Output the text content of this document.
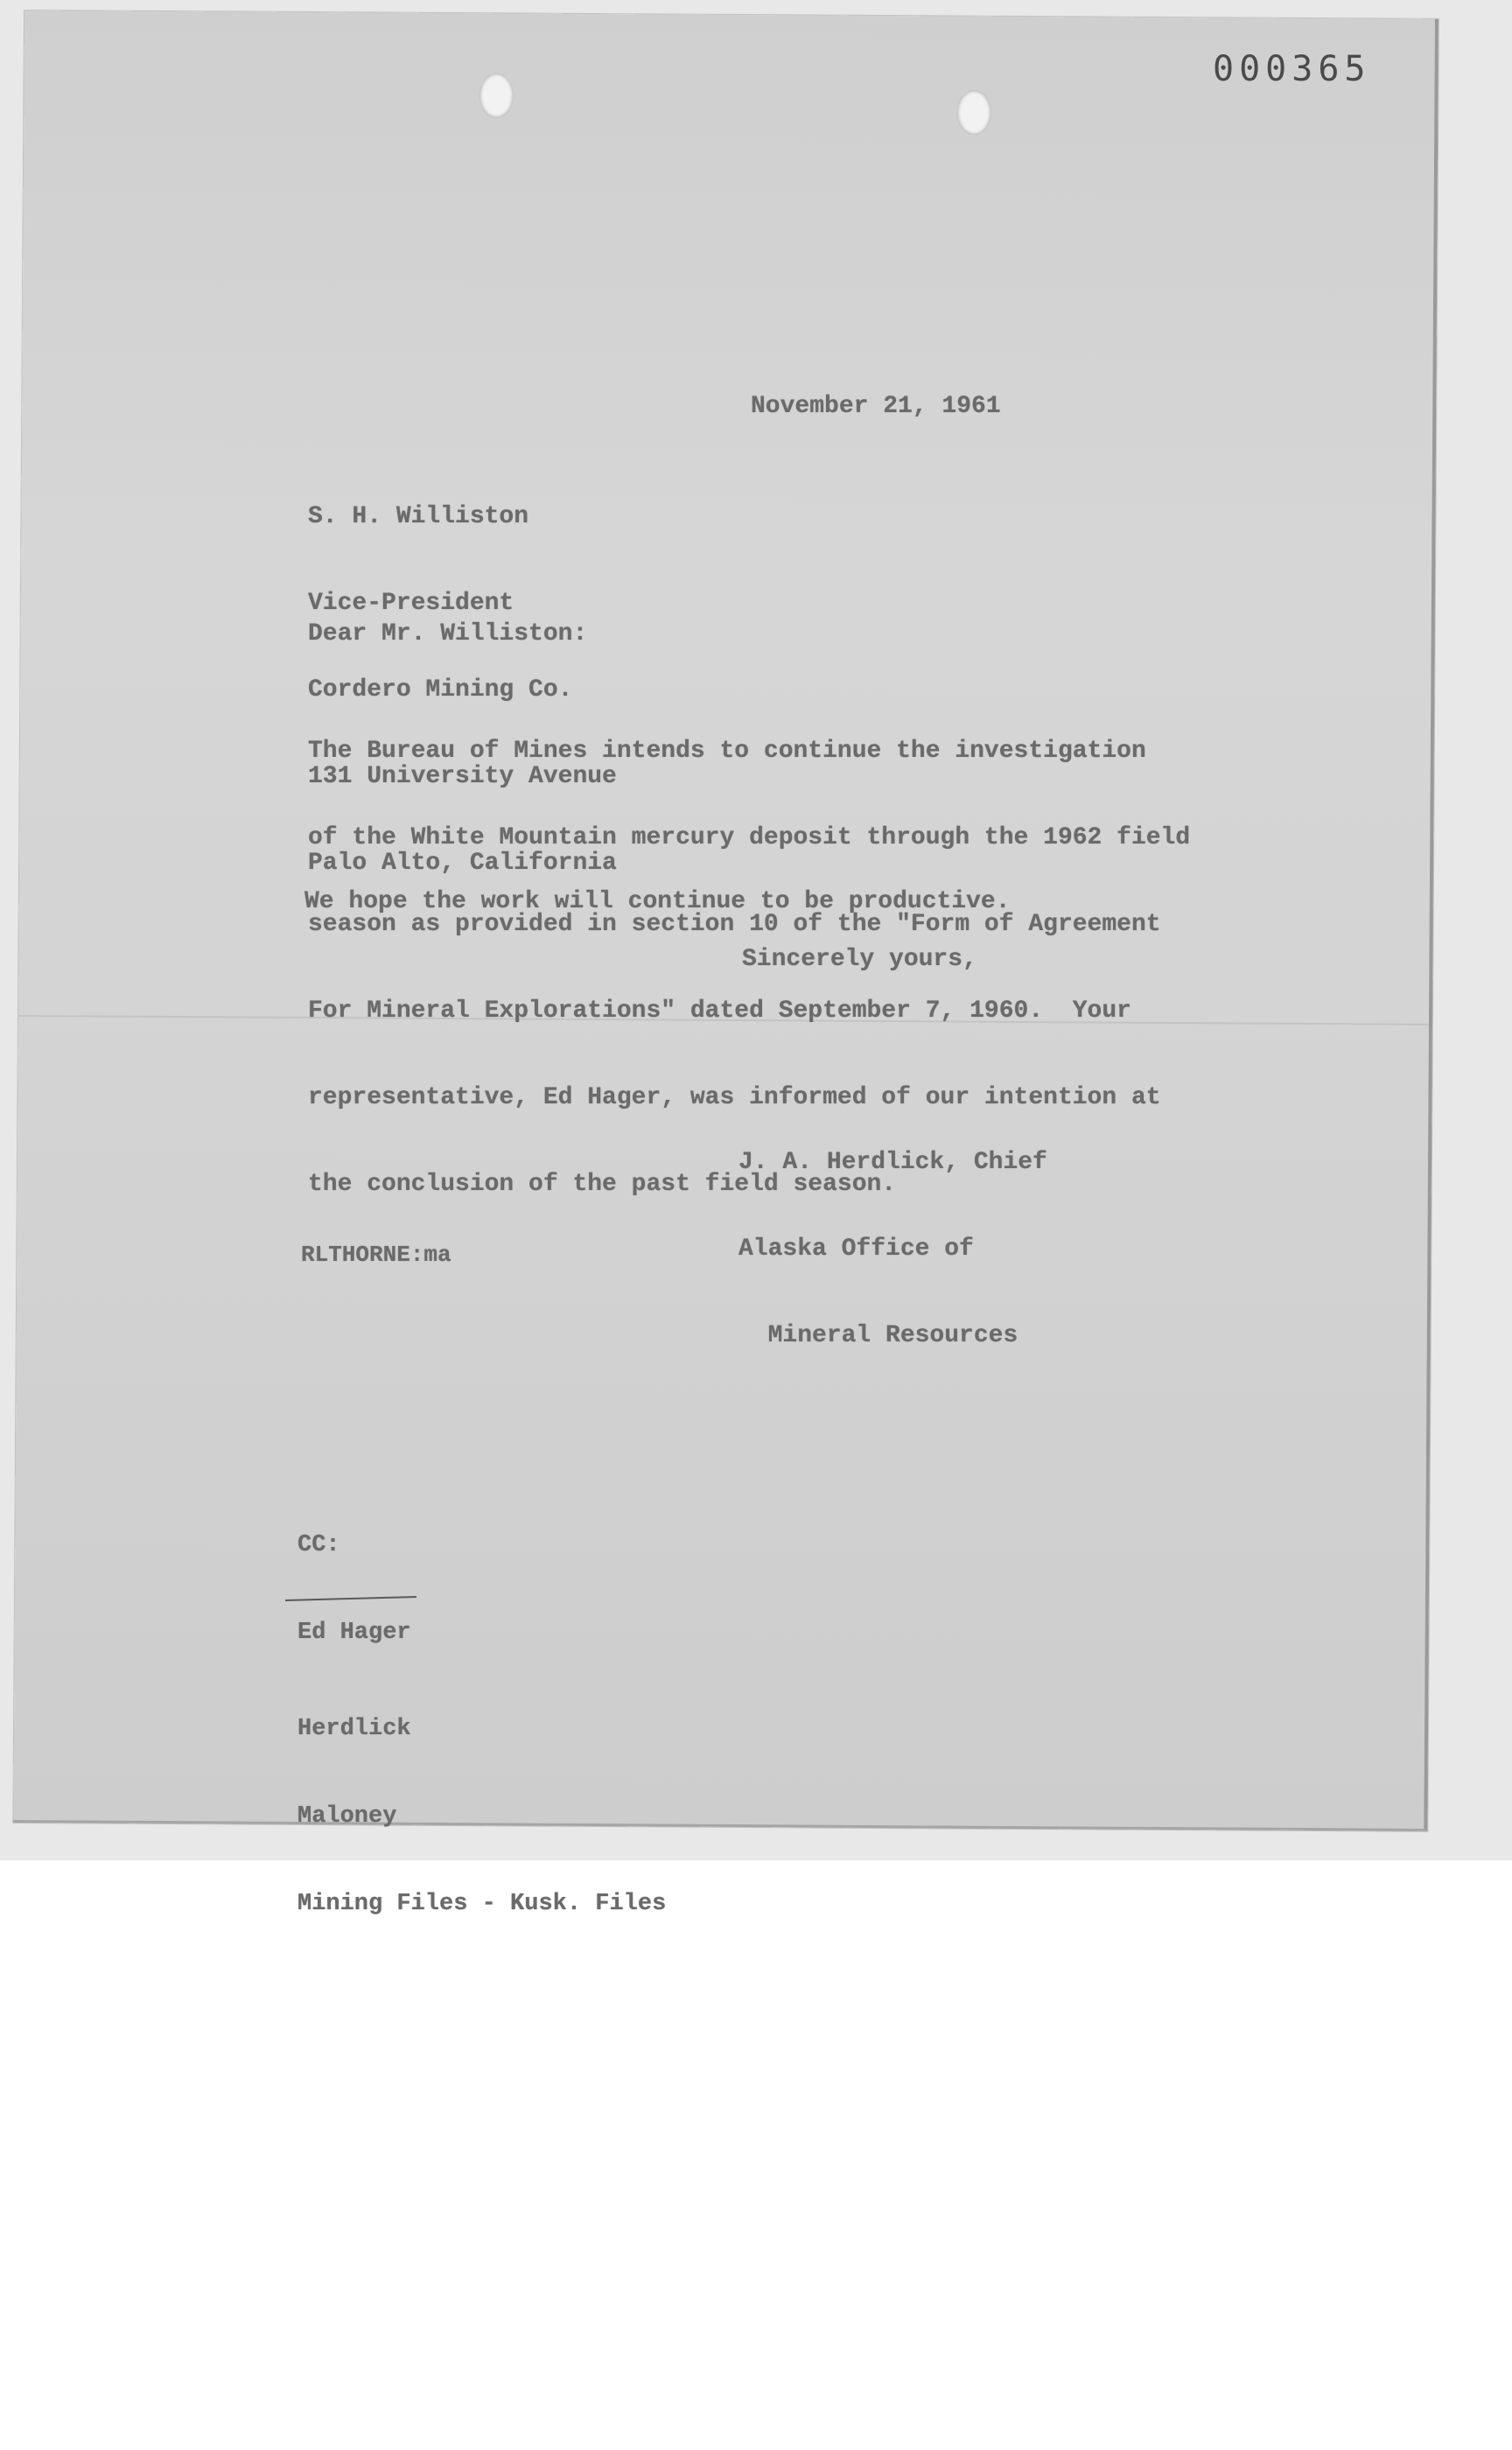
000365
November 21, 1961

S. H. Williston

Vice-President

Cordero Mining Co.

131 University Avenue

Palo Alto, California

Dear Mr. Williston:

The Bureau of Mines intends to continue the investigation

of the White Mountain mercury deposit through the 1962 field

season as provided in section 10 of the "Form of Agreement

For Mineral Explorations" dated September 7, 1960.  Your

representative, Ed Hager, was informed of our intention at

the conclusion of the past field season.

We hope the work will continue to be productive.
Sincerely yours,

J. A. Herdlick, Chief

Alaska Office of

Mineral Resources

RLTHORNE:ma

CC:

Ed Hager

Herdlick

Maloney

Mining Files - Kusk. Files
